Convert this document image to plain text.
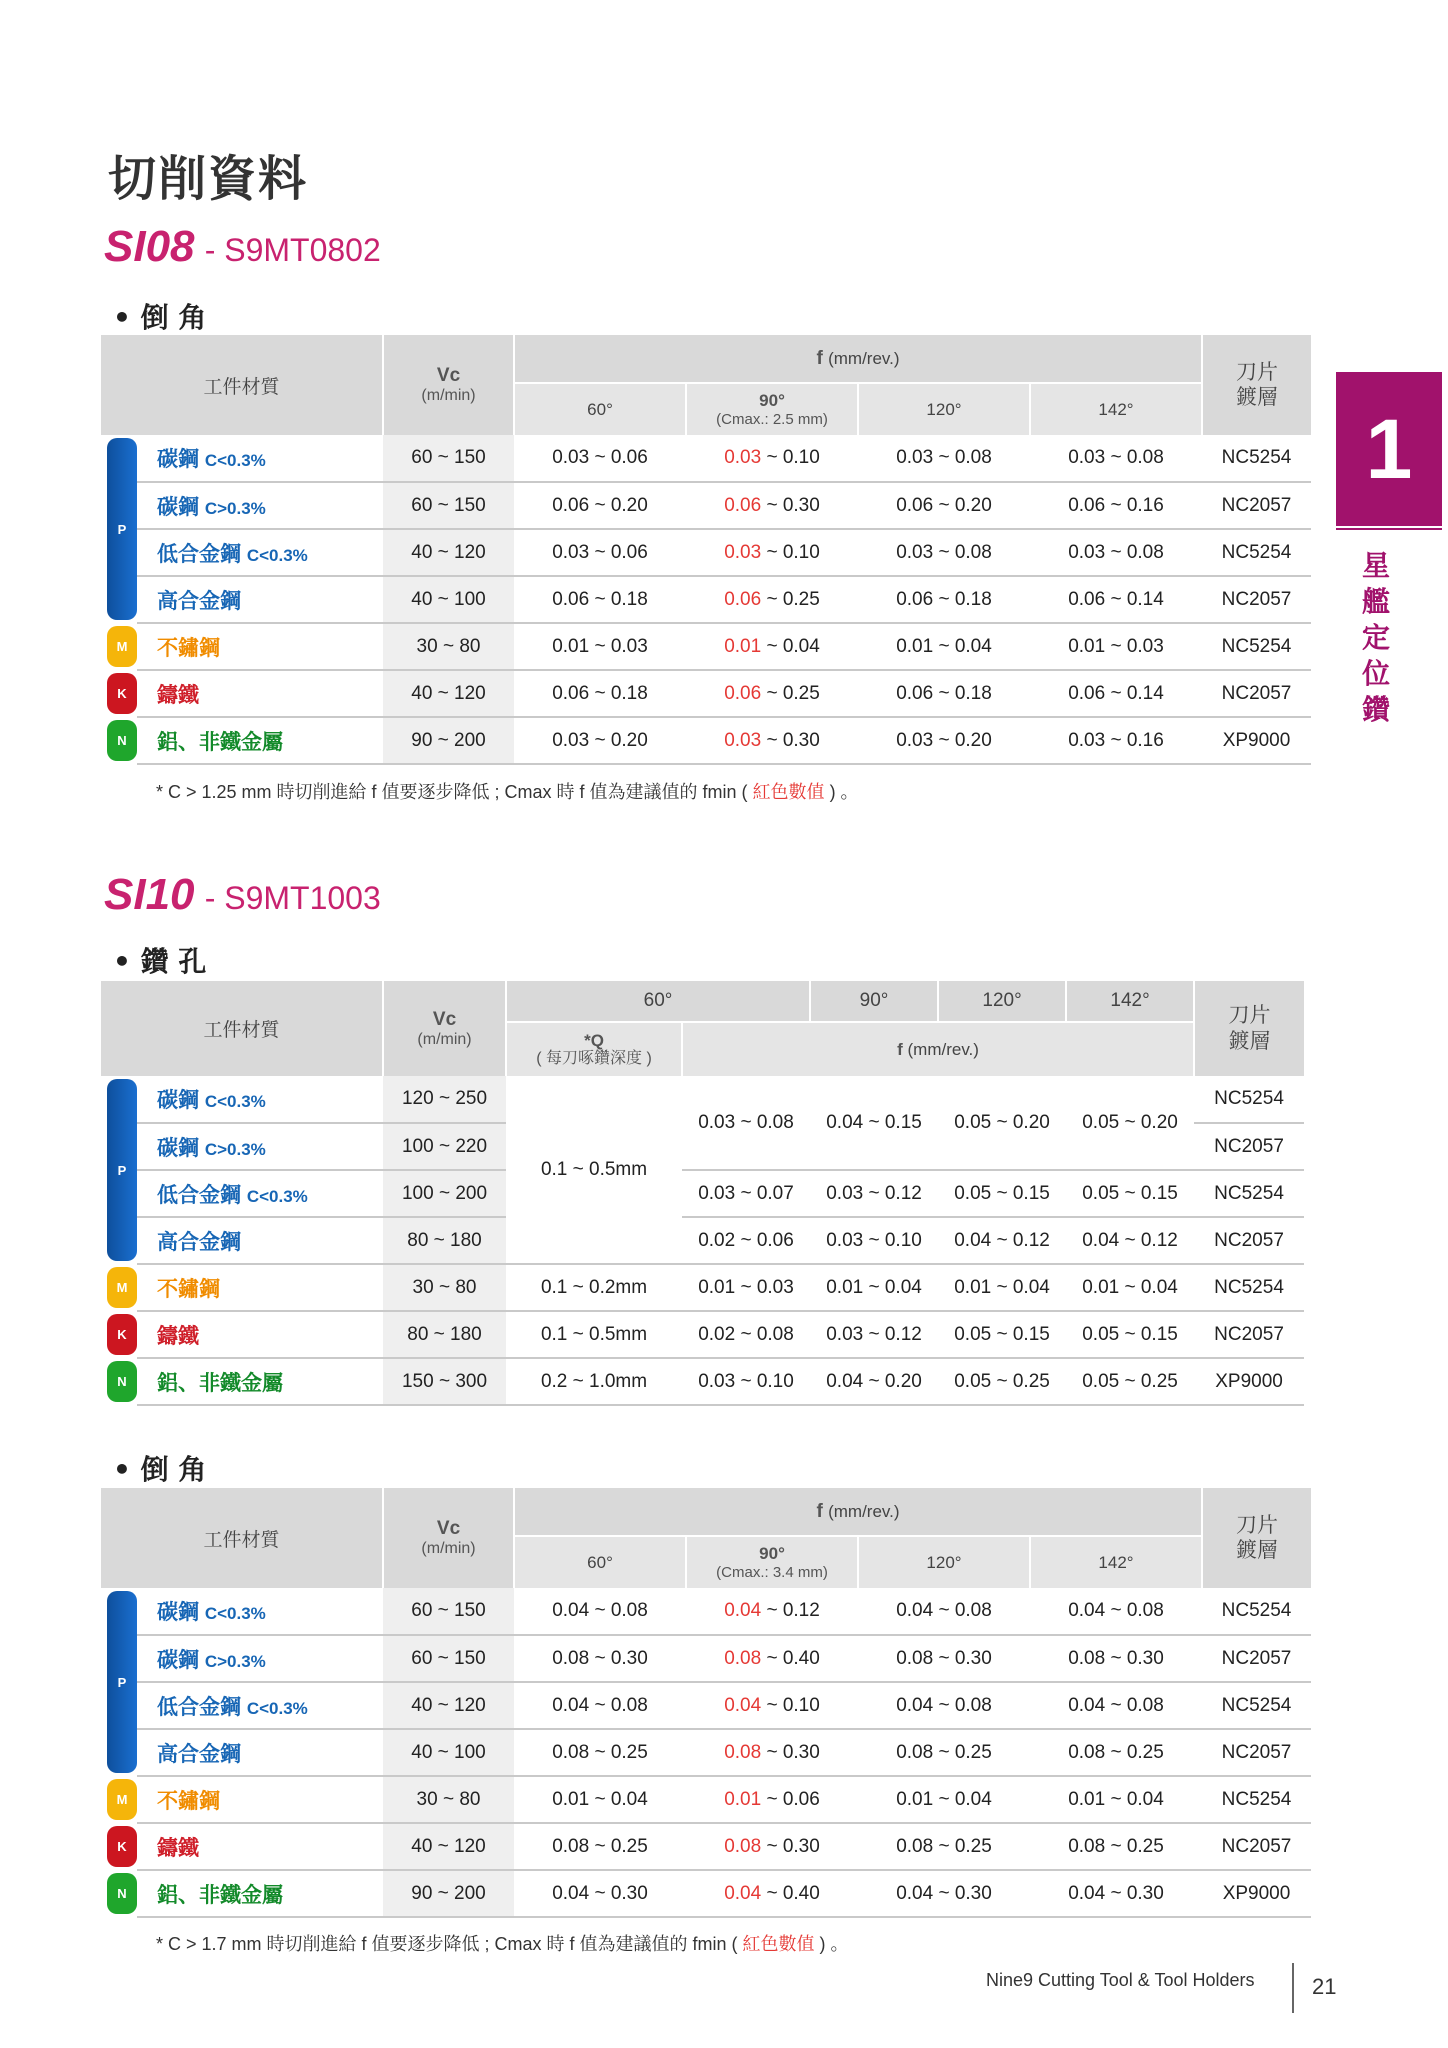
切削資料
1
星艦定位鑽
SI08 - S9MT0802
• 倒 角
工件材質		Vc
(m/min)	f (mm/rev.)				刀片 鍍層
			60°	90°
(Cmax.: 2.5 mm)	120°	142°	

P	碳鋼 C<0.3%	60 ~ 150	0.03 ~ 0.06	0.03 ~ 0.10	0.03 ~ 0.08	0.03 ~ 0.08	NC5254
	碳鋼 C>0.3%	60 ~ 150	0.06 ~ 0.20	0.06 ~ 0.30	0.06 ~ 0.20	0.06 ~ 0.16	NC2057
	低合金鋼 C<0.3%	40 ~ 120	0.03 ~ 0.06	0.03 ~ 0.10	0.03 ~ 0.08	0.03 ~ 0.08	NC5254
	高合金鋼	40 ~ 100	0.06 ~ 0.18	0.06 ~ 0.25	0.06 ~ 0.18	0.06 ~ 0.14	NC2057

M	不鏽鋼	30 ~ 80	0.01 ~ 0.03	0.01 ~ 0.04	0.01 ~ 0.04	0.01 ~ 0.03	NC5254

K	鑄鐵	40 ~ 120	0.06 ~ 0.18	0.06 ~ 0.25	0.06 ~ 0.18	0.06 ~ 0.14	NC2057

N	鋁、非鐵金屬	90 ~ 200	0.03 ~ 0.20	0.03 ~ 0.30	0.03 ~ 0.20	0.03 ~ 0.16	XP9000
* C > 1.25 mm 時切削進給 f 值要逐步降低 ; Cmax 時 f 值為建議值的 fmin ( 紅色數值 ) 。
SI10 - S9MT1003
• 鑽 孔
工件材質		Vc
(m/min)	60°		90°	120°	142°	刀片 鍍層
			*Q
( 每刀啄鑽深度 )	f (mm/rev.)				

P	碳鋼 C<0.3%	120 ~ 250	0.1 ~ 0.5mm	0.03 ~ 0.08	0.04 ~ 0.15	0.05 ~ 0.20	0.05 ~ 0.20	NC5254
	碳鋼 C>0.3%	100 ~ 220						NC2057
	低合金鋼 C<0.3%	100 ~ 200		0.03 ~ 0.07	0.03 ~ 0.12	0.05 ~ 0.15	0.05 ~ 0.15	NC5254
	高合金鋼	80 ~ 180		0.02 ~ 0.06	0.03 ~ 0.10	0.04 ~ 0.12	0.04 ~ 0.12	NC2057

M	不鏽鋼	30 ~ 80	0.1 ~ 0.2mm	0.01 ~ 0.03	0.01 ~ 0.04	0.01 ~ 0.04	0.01 ~ 0.04	NC5254

K	鑄鐵	80 ~ 180	0.1 ~ 0.5mm	0.02 ~ 0.08	0.03 ~ 0.12	0.05 ~ 0.15	0.05 ~ 0.15	NC2057

N	鋁、非鐵金屬	150 ~ 300	0.2 ~ 1.0mm	0.03 ~ 0.10	0.04 ~ 0.20	0.05 ~ 0.25	0.05 ~ 0.25	XP9000
• 倒 角
工件材質		Vc
(m/min)	f (mm/rev.)				刀片 鍍層
			60°	90°
(Cmax.: 3.4 mm)	120°	142°	

P	碳鋼 C<0.3%	60 ~ 150	0.04 ~ 0.08	0.04 ~ 0.12	0.04 ~ 0.08	0.04 ~ 0.08	NC5254
	碳鋼 C>0.3%	60 ~ 150	0.08 ~ 0.30	0.08 ~ 0.40	0.08 ~ 0.30	0.08 ~ 0.30	NC2057
	低合金鋼 C<0.3%	40 ~ 120	0.04 ~ 0.08	0.04 ~ 0.10	0.04 ~ 0.08	0.04 ~ 0.08	NC5254
	高合金鋼	40 ~ 100	0.08 ~ 0.25	0.08 ~ 0.30	0.08 ~ 0.25	0.08 ~ 0.25	NC2057

M	不鏽鋼	30 ~ 80	0.01 ~ 0.04	0.01 ~ 0.06	0.01 ~ 0.04	0.01 ~ 0.04	NC5254

K	鑄鐵	40 ~ 120	0.08 ~ 0.25	0.08 ~ 0.30	0.08 ~ 0.25	0.08 ~ 0.25	NC2057

N	鋁、非鐵金屬	90 ~ 200	0.04 ~ 0.30	0.04 ~ 0.40	0.04 ~ 0.30	0.04 ~ 0.30	XP9000
* C > 1.7 mm 時切削進給 f 值要逐步降低 ; Cmax 時 f 值為建議值的 fmin ( 紅色數值 ) 。
Nine9 Cutting Tool & Tool Holders	21
